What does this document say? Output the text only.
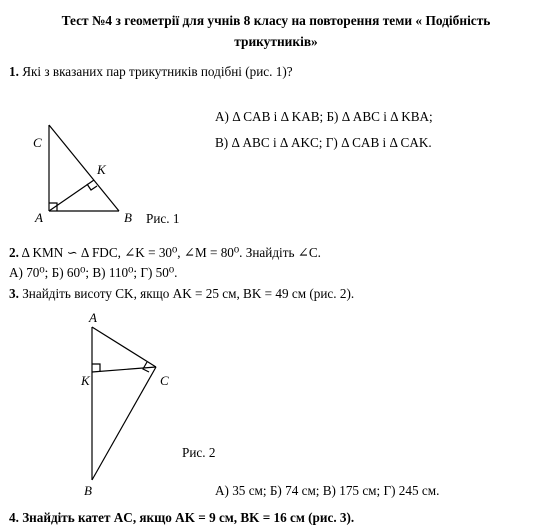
Тест №4 з геометрії для учнів 8 класу на повторення теми « Подібність
трикутників»
1. Які з вказаних пар трикутників подібні (рис. 1)?
А) Δ CAB і Δ KAB; Б) Δ ABC і Δ KBA;
В) Δ ABC і Δ AKC; Г) Δ CAB і Δ CAK.
Рис. 1
C
A	B
K
A
K	C
B
2. Δ KMN ∽ Δ FDC, ∠K = 30⁰, ∠M = 80⁰. Знайдіть ∠C.
А) 70⁰; Б) 60⁰; В) 110⁰; Г) 50⁰.
3. Знайдіть висоту CK, якщо AK = 25 см, BK = 49 см (рис. 2).
Рис. 2
А) 35 см; Б) 74 см; В) 175 см; Г) 245 см.
4. Знайдіть катет AC, якщо AK = 9 см, BK = 16 см (рис. 3).
